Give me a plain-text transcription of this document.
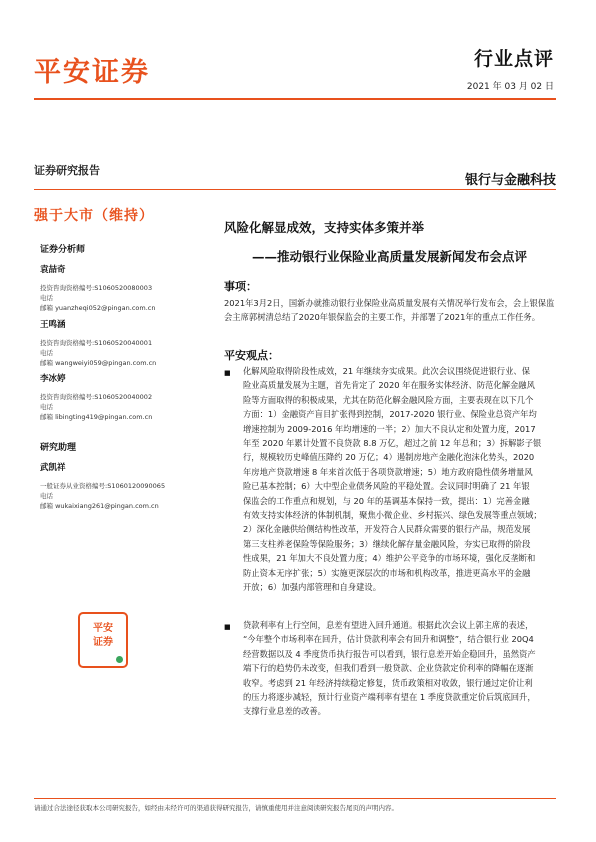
平安证券	行业点评
2021 年 03 月 02 日
证券研究报告
银行与金融科技
强于大市（维持）
证券分析师
袁喆奇
投资咨询资格编号:S1060520080003
电话
邮箱 yuanzheqi052@pingan.com.cn
王鸣涵
投资咨询资格编号:S1060520040001
电话
邮箱 wangweiyi059@pingan.com.cn
李冰婷
投资咨询资格编号:S1060520040002
电话
邮箱 libingting419@pingan.com.cn
研究助理
武凯祥
一般证券从业资格编号:S1060120090065
电话
邮箱 wukaixiang261@pingan.com.cn
平安
证券
风险化解显成效，支持实体多策并举
——推动银行业保险业高质量发展新闻发布会点评
事项：
2021年3月2日，国新办就推动银行业保险业高质量发展有关情况举行发布会，会上银保监会主席郭树清总结了2020年银保监会的主要工作，并部署了2021年的重点工作任务。
平安观点：
■ 化解风险取得阶段性成效，21 年继续夯实成果。此次会议围绕促进银行业、保
险业高质量发展为主题，首先肯定了 2020 年在服务实体经济、防范化解金融风
险等方面取得的积极成果，尤其在防范化解金融风险方面，主要表现在以下几个
方面：1）金融资产盲目扩张得到控制，2017-2020 银行业、保险业总资产年均
增速控制为 2009-2016 年均增速的一半；2）加大不良认定和处置力度，2017
年至 2020 年累计处置不良贷款 8.8 万亿，超过之前 12 年总和；3）拆解影子银
行，规模较历史峰值压降约 20 万亿；4）遏制房地产金融化泡沫化势头，2020
年房地产贷款增速 8 年来首次低于各项贷款增速；5）地方政府隐性债务增量风
险已基本控制；6）大中型企业债务风险的平稳处置。会议同时明确了 21 年银
保监会的工作重点和规划，与 20 年的基调基本保持一致，提出：1）完善金融
有效支持实体经济的体制机制，聚焦小微企业、乡村振兴、绿色发展等重点领域；
2）深化金融供给侧结构性改革，开发符合人民群众需要的银行产品，规范发展
第三支柱养老保险等保险服务；3）继续化解存量金融风险，夯实已取得的阶段
性成果，21 年加大不良处置力度；4）维护公平竞争的市场环境，强化反垄断和
防止资本无序扩张；5）实施更深层次的市场和机构改革，推进更高水平的金融
开放；6）加强内部管理和自身建设。
■ 贷款利率有上行空间，息差有望进入回升通道。根据此次会议上郭主席的表述，
“今年整个市场利率在回升，估计贷款利率会有回升和调整”，结合银行业 20Q4
经营数据以及 4 季度货币执行报告可以看到，银行息差开始企稳回升，虽然资产
端下行的趋势仍未改变，但我们看到一般贷款、企业贷款定价利率的降幅在逐渐
收窄。考虑到 21 年经济持续稳定修复，货币政策相对收敛，银行通过定价让利
的压力将逐步减轻，预计行业资产端利率有望在 1 季度贷款重定价后筑底回升，
支撑行业息差的改善。
请通过合法途径获取本公司研究报告，如经由未经许可的渠道获得研究报告，请慎重使用并注意阅读研究报告尾页的声明内容。
